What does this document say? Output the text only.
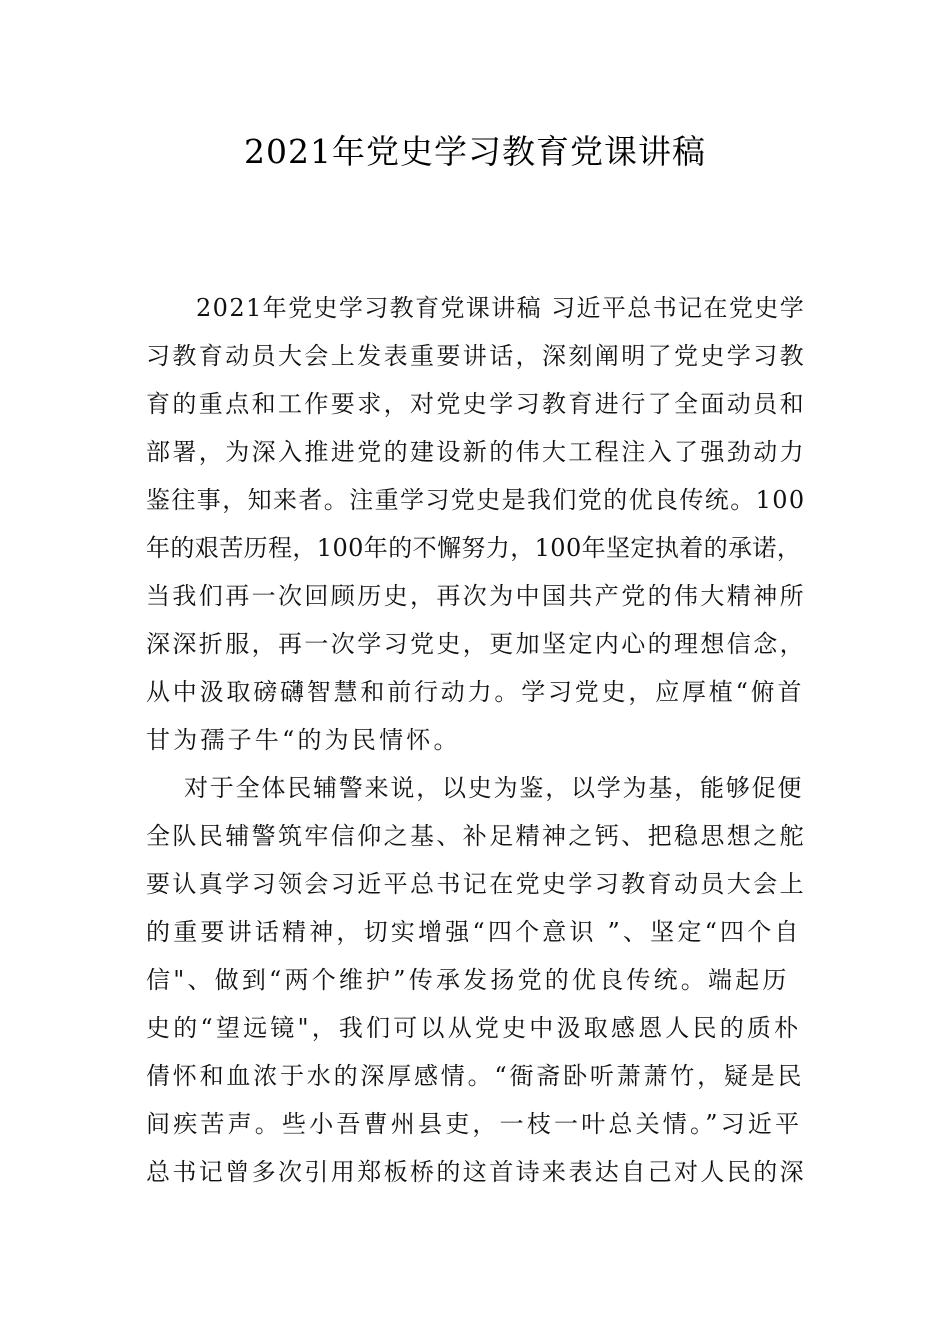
2021年党史学习教育党课讲稿
2021年党史学习教育党课讲稿 习近平总书记在党史学
习教育动员大会上发表重要讲话，深刻阐明了党史学习教
育的重点和工作要求，对党史学习教育进行了全面动员和
部署，为深入推进党的建设新的伟大工程注入了强劲动力
鉴往事，知来者。注重学习党史是我们党的优良传统。100
年的艰苦历程，100年的不懈努力，100年坚定执着的承诺，
当我们再一次回顾历史，再次为中国共产党的伟大精神所
深深折服，再一次学习党史，更加坚定内心的理想信念，
从中汲取磅礴智慧和前行动力。学习党史，应厚植“俯首
甘为孺子牛“的为民情怀。
对于全体民辅警来说，以史为鉴，以学为基，能够促便
全队民辅警筑牢信仰之基、补足精神之钙、把稳思想之舵
要认真学习领会习近平总书记在党史学习教育动员大会上
的重要讲话精神，切实增强“四个意识 ”、坚定“四个自
信"、做到“两个维护”传承发扬党的优良传统。端起历
史的“望远镜"，我们可以从党史中汲取感恩人民的质朴
倩怀和血浓于水的深厚感情。“衙斋卧听萧萧竹，疑是民
间疾苦声。些小吾曹州县吏，一枝一叶总关情。”习近平
总书记曾多次引用郑板桥的这首诗来表达自己对人民的深
